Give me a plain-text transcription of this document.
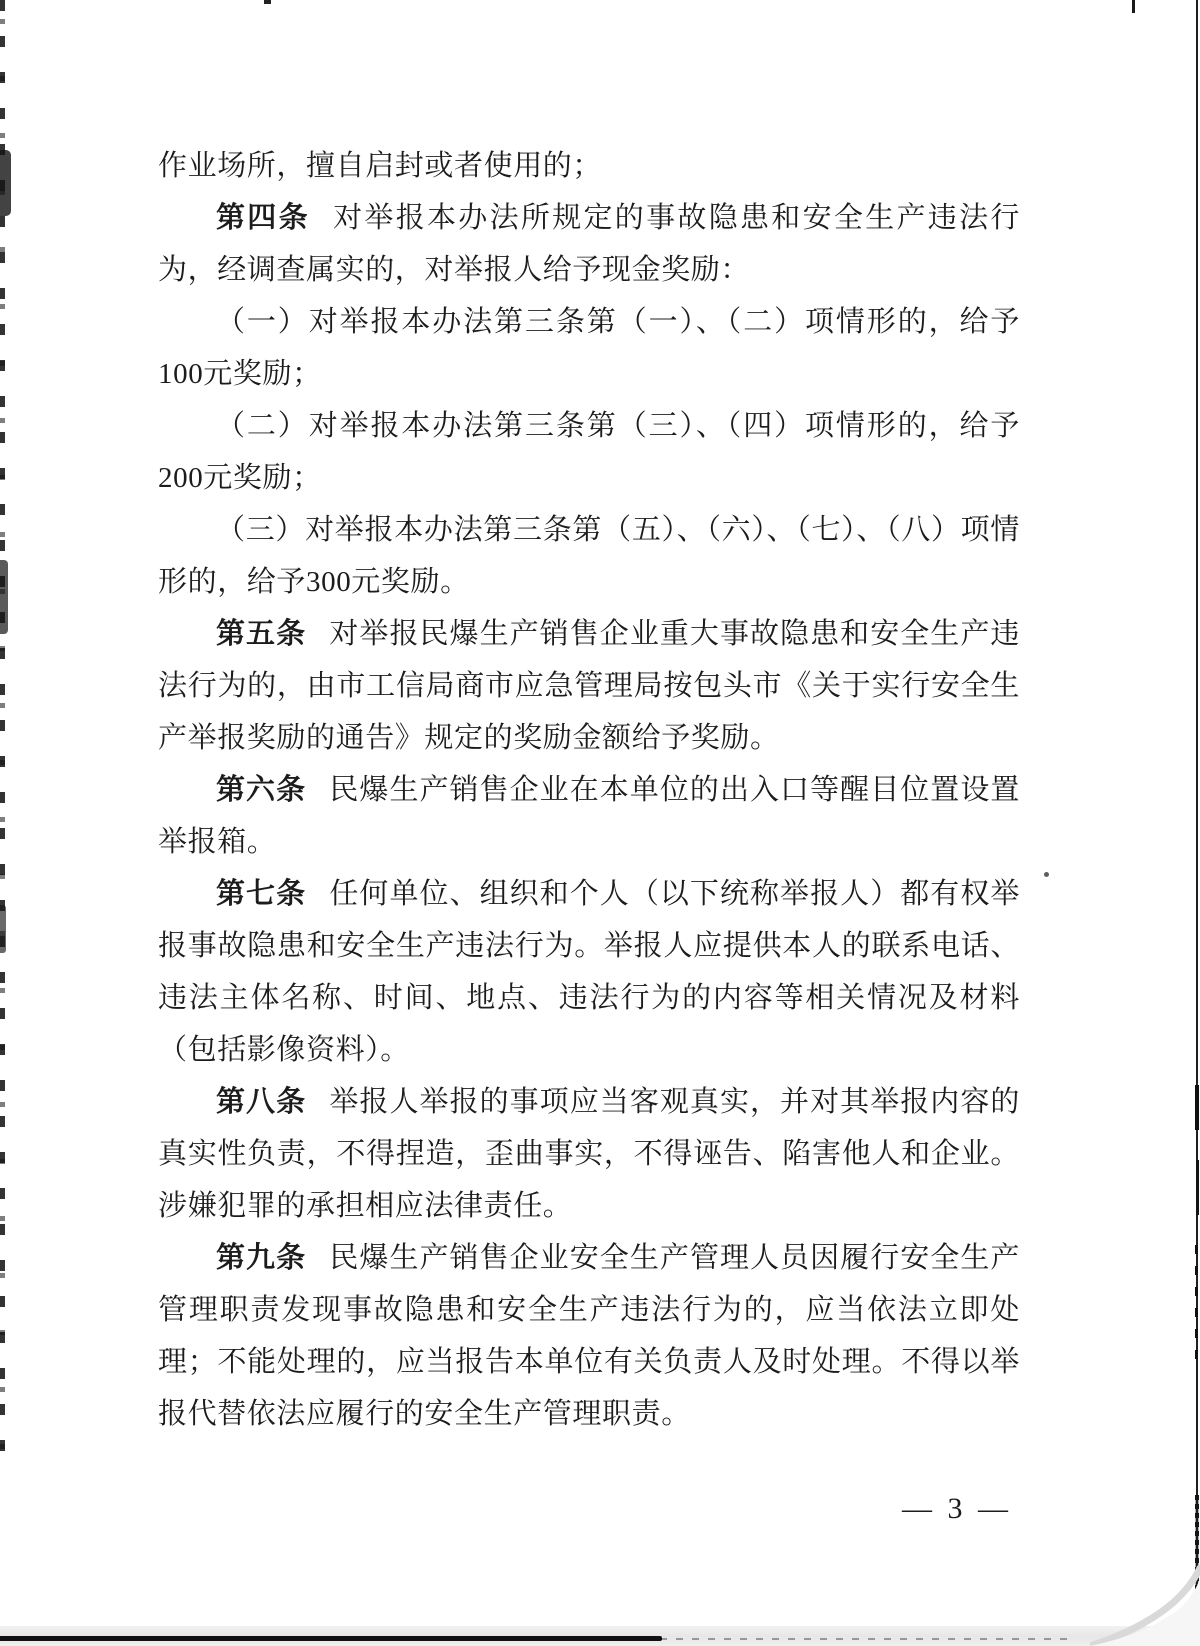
作业场所，擅自启封或者使用的；

第四条 对举报本办法所规定的事故隐患和安全生产违法行为，经调查属实的，对举报人给予现金奖励：

（一）对举报本办法第三条第（一）、（二）项情形的，给予100元奖励；

（二）对举报本办法第三条第（三）、（四）项情形的，给予200元奖励；

（三）对举报本办法第三条第（五）、（六）、（七）、（八）项情形的，给予300元奖励。

第五条 对举报民爆生产销售企业重大事故隐患和安全生产违法行为的，由市工信局商市应急管理局按包头市《关于实行安全生产举报奖励的通告》规定的奖励金额给予奖励。

第六条 民爆生产销售企业在本单位的出入口等醒目位置设置举报箱。

第七条 任何单位、组织和个人（以下统称举报人）都有权举报事故隐患和安全生产违法行为。举报人应提供本人的联系电话、违法主体名称、时间、地点、违法行为的内容等相关情况及材料（包括影像资料）。

第八条 举报人举报的事项应当客观真实，并对其举报内容的真实性负责，不得捏造，歪曲事实，不得诬告、陷害他人和企业。涉嫌犯罪的承担相应法律责任。

第九条 民爆生产销售企业安全生产管理人员因履行安全生产管理职责发现事故隐患和安全生产违法行为的，应当依法立即处理；不能处理的，应当报告本单位有关负责人及时处理。不得以举报代替依法应履行的安全生产管理职责。

— 3 —
